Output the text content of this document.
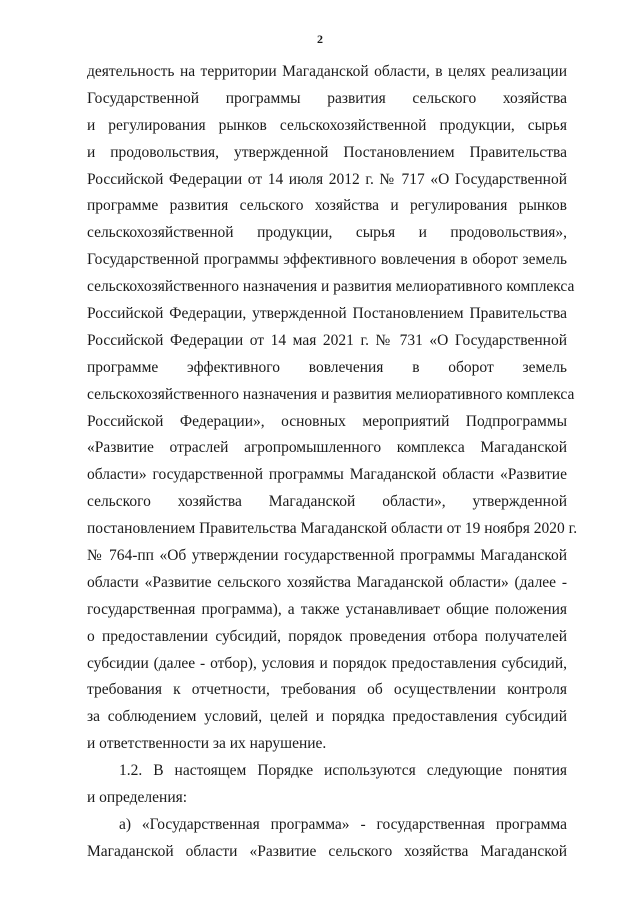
2
деятельность на территории Магаданской области, в целях реализации
Государственной программы развития сельского хозяйства
и регулирования рынков сельскохозяйственной продукции, сырья
и продовольствия, утвержденной Постановлением Правительства
Российской Федерации от 14 июля 2012 г. № 717 «О Государственной
программе развития сельского хозяйства и регулирования рынков
сельскохозяйственной продукции, сырья и продовольствия»,
Государственной программы эффективного вовлечения в оборот земель
сельскохозяйственного назначения и развития мелиоративного комплекса
Российской Федерации, утвержденной Постановлением Правительства
Российской Федерации от 14 мая 2021 г. № 731 «О Государственной
программе эффективного вовлечения в оборот земель
сельскохозяйственного назначения и развития мелиоративного комплекса
Российской Федерации», основных мероприятий Подпрограммы
«Развитие отраслей агропромышленного комплекса Магаданской
области» государственной программы Магаданской области «Развитие
сельского хозяйства Магаданской области», утвержденной
постановлением Правительства Магаданской области от 19 ноября 2020 г.
№ 764-пп «Об утверждении государственной программы Магаданской
области «Развитие сельского хозяйства Магаданской области» (далее -
государственная программа), а также устанавливает общие положения
о предоставлении субсидий, порядок проведения отбора получателей
субсидии (далее - отбор), условия и порядок предоставления субсидий,
требования к отчетности, требования об осуществлении контроля
за соблюдением условий, целей и порядка предоставления субсидий
и ответственности за их нарушение.
1.2. В настоящем Порядке используются следующие понятия
и определения:
а) «Государственная программа» - государственная программа
Магаданской области «Развитие сельского хозяйства Магаданской
